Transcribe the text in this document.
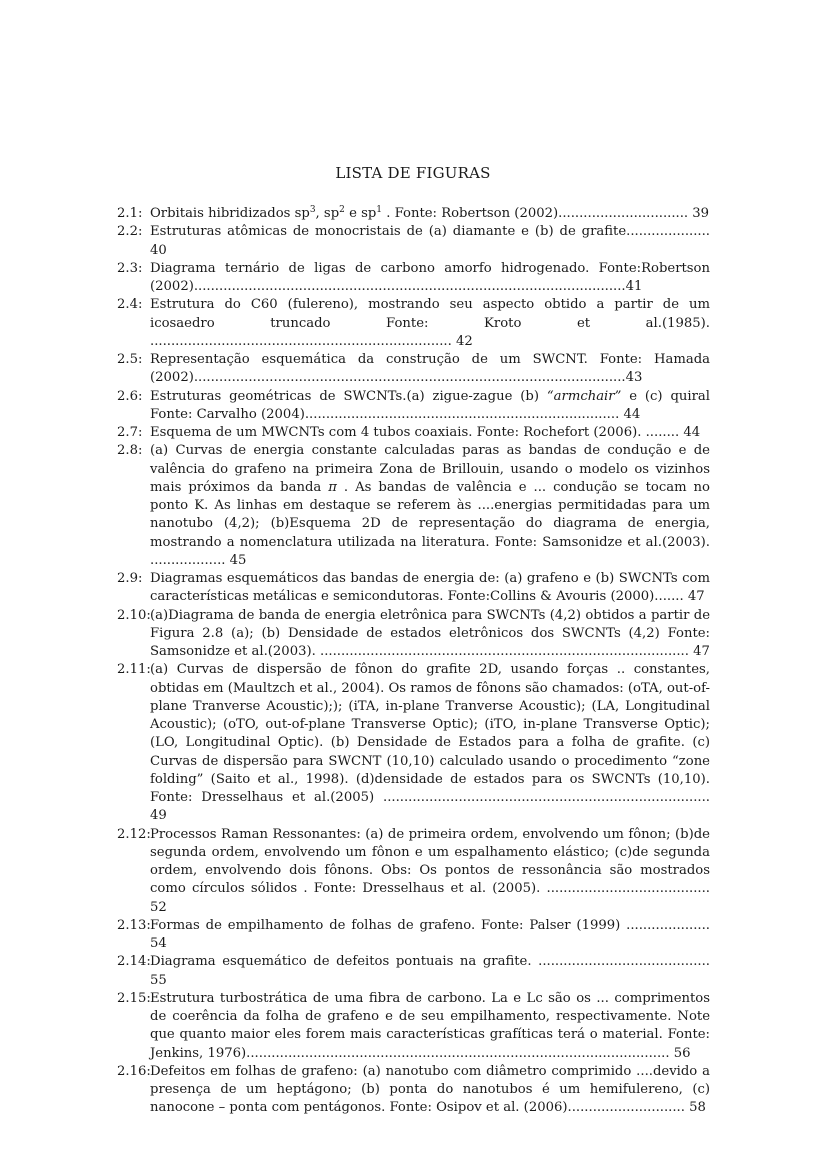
LISTA DE FIGURAS
2.1: Orbitais hibridizados $sp^3$, $sp^2$ e $sp^1$ . Fonte: Robertson (2002)............................... 39
2.2: Estruturas atômicas de monocristais de (a) diamante e (b) de grafite.................... 40
2.3: Diagrama ternário de ligas de carbono amorfo hidrogenado. Fonte:Robertson (2002).......................................................................................................41
2.4: Estrutura do C60 (fulereno), mostrando seu aspecto obtido a partir de um icosaedro truncado Fonte: Kroto et al.(1985). ........................................................................ 42
2.5: Representação esquemática da construção de um SWCNT. Fonte: Hamada (2002).......................................................................................................43
2.6: Estruturas geométricas de SWCNTs.(a) zigue-zague (b) “armchair” e (c) quiral Fonte: Carvalho (2004)........................................................................... 44
2.7: Esquema de um MWCNTs com 4 tubos coaxiais. Fonte: Rochefort (2006). ........ 44
2.8: (a) Curvas de energia constante calculadas paras as bandas de condução e de valência do grafeno na primeira Zona de Brillouin, usando o modelo os vizinhos mais próximos da banda π . As bandas de valência e ... condução se tocam no ponto K. As linhas em destaque se referem às ....energias permitidadas para um nanotubo (4,2); (b)Esquema 2D de representação do diagrama de energia, mostrando a nomenclatura utilizada na literatura. Fonte: Samsonidze et al.(2003). .................. 45
2.9: Diagramas esquemáticos das bandas de energia de: (a) grafeno e (b) SWCNTs com características metálicas e semicondutoras. Fonte:Collins & Avouris (2000)....... 47
2.10: (a)Diagrama de banda de energia eletrônica para SWCNTs (4,2) obtidos a partir de Figura 2.8 (a); (b) Densidade de estados eletrônicos dos SWCNTs (4,2) Fonte: Samsonidze et al.(2003). ........................................................................................ 47
2.11: (a) Curvas de dispersão de fônon do grafite 2D, usando forças .. constantes, obtidas em (Maultzch et al., 2004). Os ramos de fônons são chamados: (oTA, out-of-plane Tranverse Acoustic);); (iTA, in-plane Tranverse Acoustic); (LA, Longitudinal Acoustic); (oTO, out-of-plane Transverse Optic); (iTO, in-plane Transverse Optic); (LO, Longitudinal Optic). (b) Densidade de Estados para a folha de grafite. (c) Curvas de dispersão para SWCNT (10,10) calculado usando o procedimento “zone folding” (Saito et al., 1998). (d)densidade de estados para os SWCNTs (10,10). Fonte: Dresselhaus et al.(2005) .............................................................................. 49
2.12: Processos Raman Ressonantes: (a) de primeira ordem, envolvendo um fônon; (b)de segunda ordem, envolvendo um fônon e um espalhamento elástico; (c)de segunda ordem, envolvendo dois fônons. Obs: Os pontos de ressonância são mostrados como círculos sólidos . Fonte: Dresselhaus et al. (2005). ....................................... 52
2.13: Formas de empilhamento de folhas de grafeno. Fonte: Palser (1999) .................... 54
2.14: Diagrama esquemático de defeitos pontuais na grafite. ......................................... 55
2.15: Estrutura turbostrática de uma fibra de carbono. La e Lc são os ... comprimentos de coerência da folha de grafeno e de seu empilhamento, respectivamente. Note que quanto maior eles forem mais características grafíticas terá o material. Fonte: Jenkins, 1976)..................................................................................................... 56
2.16: Defeitos em folhas de grafeno: (a) nanotubo com diâmetro comprimido ....devido a presença de um heptágono; (b) ponta do nanotubos é um hemifulereno, (c) nanocone – ponta com pentágonos. Fonte: Osipov et al. (2006)............................ 58
